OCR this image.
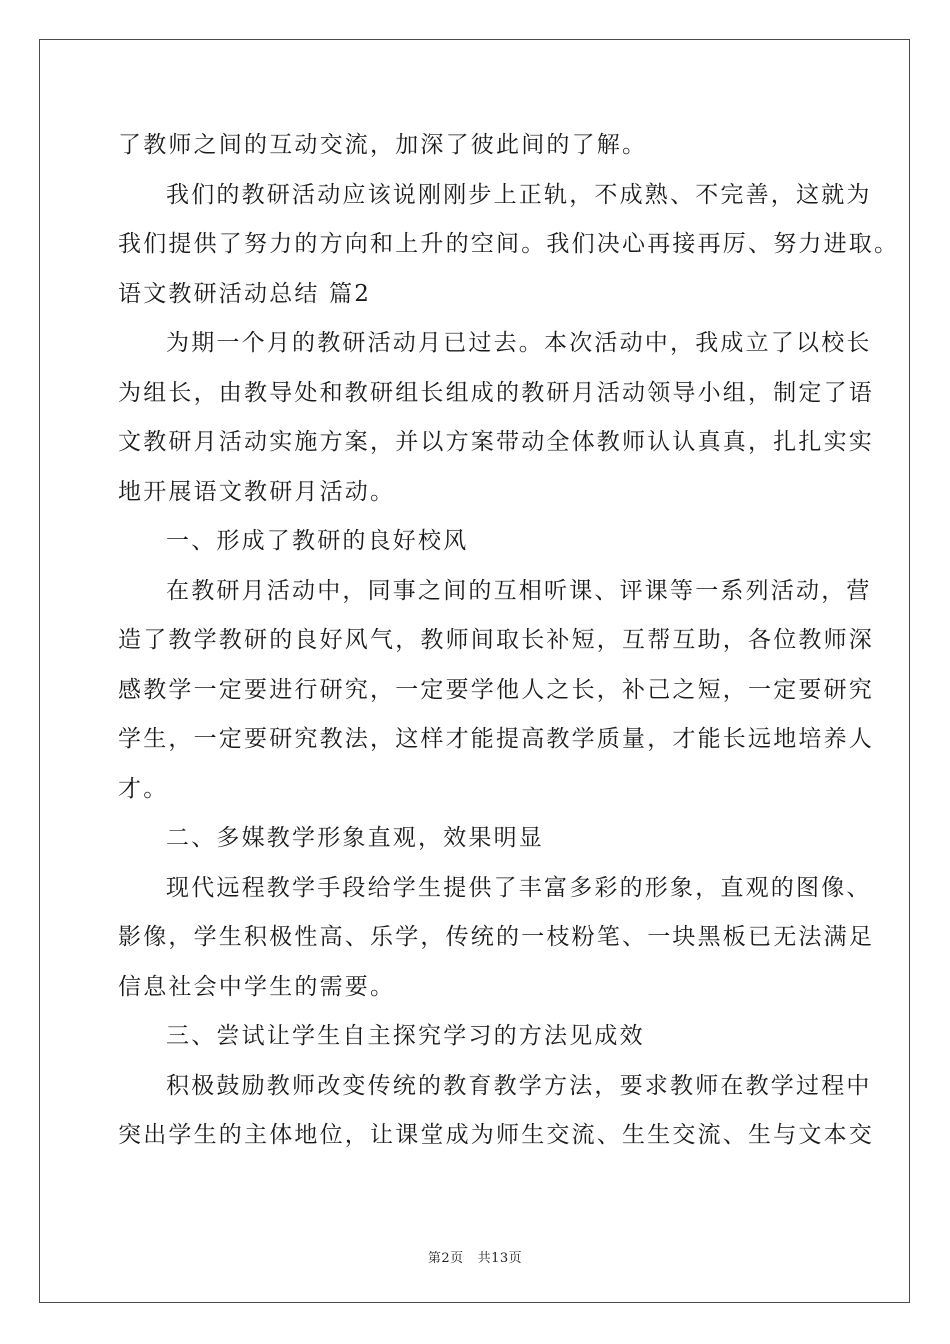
了教师之间的互动交流，加深了彼此间的了解。

我们的教研活动应该说刚刚步上正轨，不成熟、不完善，这就为

我们提供了努力的方向和上升的空间。我们决心再接再厉、努力进取。

语文教研活动总结 篇2

为期一个月的教研活动月已过去。本次活动中，我成立了以校长

为组长，由教导处和教研组长组成的教研月活动领导小组，制定了语

文教研月活动实施方案，并以方案带动全体教师认认真真，扎扎实实

地开展语文教研月活动。

一、形成了教研的良好校风

在教研月活动中，同事之间的互相听课、评课等一系列活动，营

造了教学教研的良好风气，教师间取长补短，互帮互助，各位教师深

感教学一定要进行研究，一定要学他人之长，补己之短，一定要研究

学生，一定要研究教法，这样才能提高教学质量，才能长远地培养人

才。

二、多媒教学形象直观，效果明显

现代远程教学手段给学生提供了丰富多彩的形象，直观的图像、

影像，学生积极性高、乐学，传统的一枝粉笔、一块黑板已无法满足

信息社会中学生的需要。

三、尝试让学生自主探究学习的方法见成效

积极鼓励教师改变传统的教育教学方法，要求教师在教学过程中

突出学生的主体地位，让课堂成为师生交流、生生交流、生与文本交

第2页 共13页
